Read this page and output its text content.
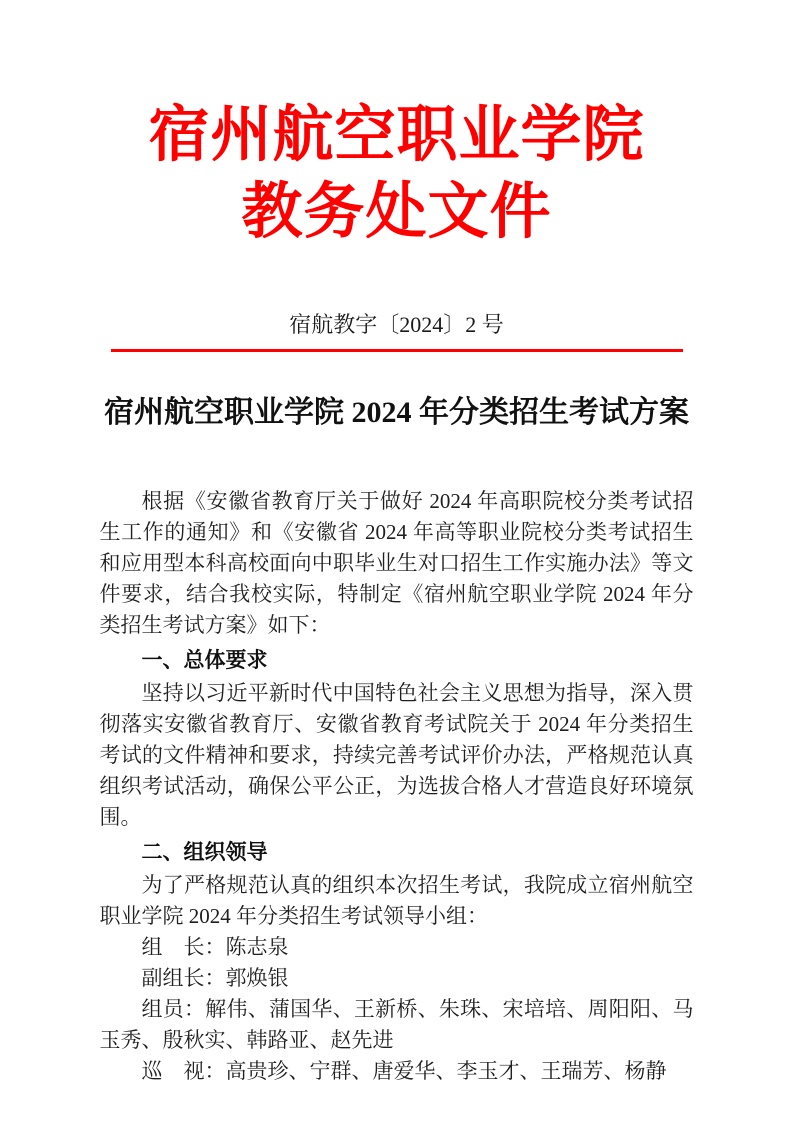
宿州航空职业学院
教务处文件
宿航教字〔2024〕2 号
宿州航空职业学院 2024 年分类招生考试方案

根据《安徽省教育厅关于做好 2024 年高职院校分类考试招生工作的通知》和《安徽省 2024 年高等职业院校分类考试招生和应用型本科高校面向中职毕业生对口招生工作实施办法》等文件要求，结合我校实际，特制定《宿州航空职业学院 2024 年分类招生考试方案》如下：

一、总体要求

坚持以习近平新时代中国特色社会主义思想为指导，深入贯彻落实安徽省教育厅、安徽省教育考试院关于 2024 年分类招生考试的文件精神和要求，持续完善考试评价办法，严格规范认真组织考试活动，确保公平公正，为选拔合格人才营造良好环境氛围。

二、组织领导

为了严格规范认真的组织本次招生考试，我院成立宿州航空职业学院 2024 年分类招生考试领导小组：

组　长：陈志泉

副组长：郭焕银

组员：解伟、蒲国华、王新桥、朱珠、宋培培、周阳阳、马玉秀、殷秋实、韩路亚、赵先进

巡　视：高贵珍、宁群、唐爱华、李玉才、王瑞芳、杨静
